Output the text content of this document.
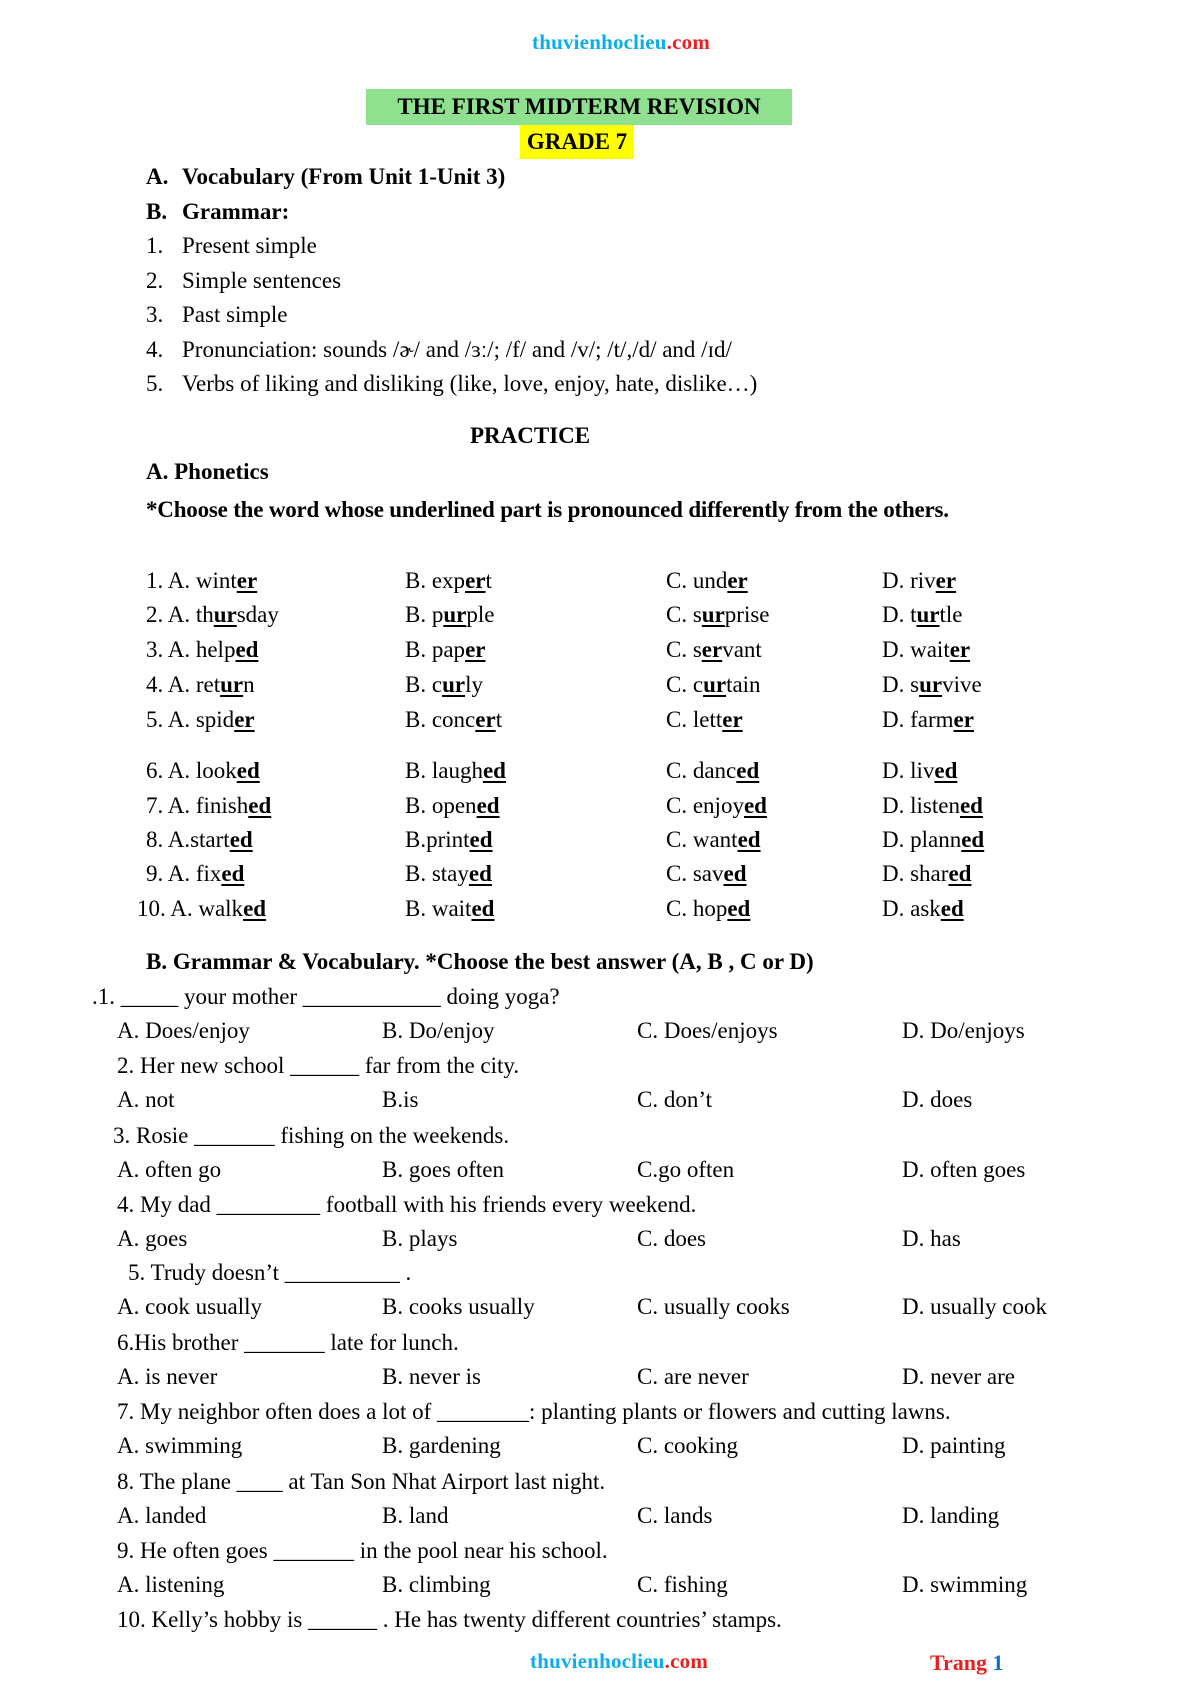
thuvienhoclieu.com
THE FIRST MIDTERM REVISION
GRADE 7
A. Vocabulary (From Unit 1-Unit 3)
B. Grammar:
1. Present simple
2. Simple sentences
3. Past simple
4. Pronunciation: sounds /ɚ/ and /ɜː/; /f/ and /v/; /t/,/d/ and /ɪd/
5. Verbs of liking and disliking (like, love, enjoy, hate, dislike…)
PRACTICE
A. Phonetics
*Choose the word whose underlined part is pronounced differently from the others.
1. A. winter	B. expert	C. under	D. river
2. A. thursday	B. purple	C. surprise	D. turtle
3. A. helped	B. paper	C. servant	D. waiter
4. A. return	B. curly	C. curtain	D. survive
5. A. spider	B. concert	C. letter	D. farmer
6. A. looked	B. laughed	C. danced	D. lived
7. A. finished	B. opened	C. enjoyed	D. listened
8. A.started	B.printed	C. wanted	D. planned
9. A. fixed	B. stayed	C. saved	D. shared
10. A. walked	B. waited	C. hoped	D. asked
B. Grammar & Vocabulary. *Choose the best answer (A, B , C or D)
.1. _____ your mother ____________ doing yoga?
A. Does/enjoy	B. Do/enjoy	C. Does/enjoys	D. Do/enjoys
2. Her new school ______ far from the city.
A. not	B.is	C. don’t	D. does
3. Rosie _______ fishing on the weekends.
A. often go	B. goes often	C.go often	D. often goes
4. My dad _________ football with his friends every weekend.
A. goes	B. plays	C. does	D. has
5. Trudy doesn’t __________ .
A. cook usually	B. cooks usually	C. usually cooks	D. usually cook
6.His brother _______ late for lunch.
A. is never	B. never is	C. are never	D. never are
7. My neighbor often does a lot of ________: planting plants or flowers and cutting lawns.
A. swimming	B. gardening	C. cooking	D. painting
8. The plane ____ at Tan Son Nhat Airport last night.
A. landed	B. land	C. lands	D. landing
9. He often goes _______ in the pool near his school.
A. listening	B. climbing	C. fishing	D. swimming
10. Kelly’s hobby is ______ . He has twenty different countries’ stamps.
thuvienhoclieu.com	Trang 1
